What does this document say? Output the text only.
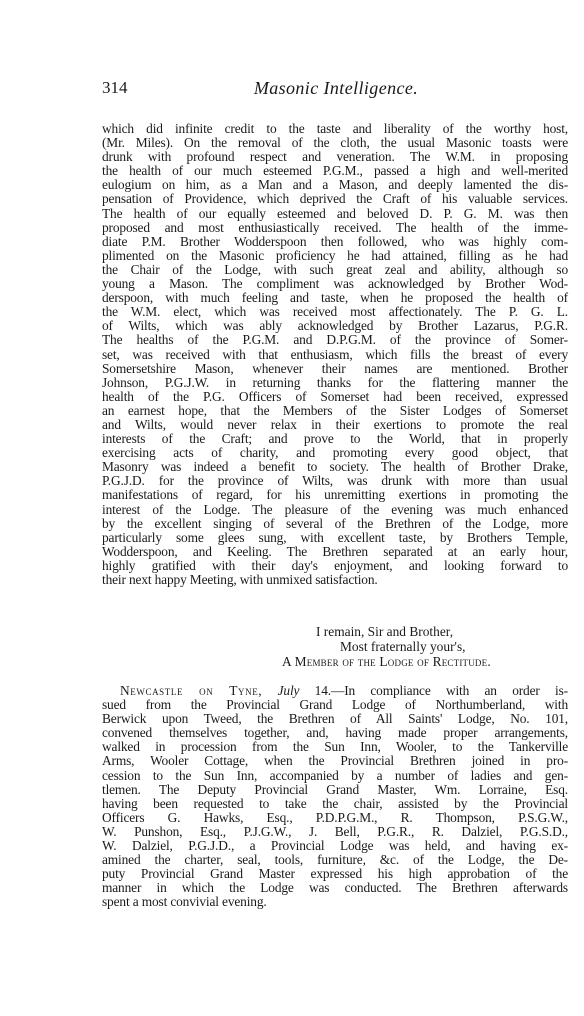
314	Masonic Intelligence.
which did infinite credit to the taste and liberality of the worthy host,
(Mr. Miles). On the removal of the cloth, the usual Masonic toasts were
drunk with profound respect and veneration. The W.M. in proposing
the health of our much esteemed P.G.M., passed a high and well-merited
eulogium on him, as a Man and a Mason, and deeply lamented the dis-
pensation of Providence, which deprived the Craft of his valuable services.
The health of our equally esteemed and beloved D. P. G. M. was then
proposed and most enthusiastically received. The health of the imme-
diate P.M. Brother Wodderspoon then followed, who was highly com-
plimented on the Masonic proficiency he had attained, filling as he had
the Chair of the Lodge, with such great zeal and ability, although so
young a Mason. The compliment was acknowledged by Brother Wod-
derspoon, with much feeling and taste, when he proposed the health of
the W.M. elect, which was received most affectionately. The P. G. L.
of Wilts, which was ably acknowledged by Brother Lazarus, P.G.R.
The healths of the P.G.M. and D.P.G.M. of the province of Somer-
set, was received with that enthusiasm, which fills the breast of every
Somersetshire Mason, whenever their names are mentioned. Brother
Johnson, P.G.J.W. in returning thanks for the flattering manner the
health of the P.G. Officers of Somerset had been received, expressed
an earnest hope, that the Members of the Sister Lodges of Somerset
and Wilts, would never relax in their exertions to promote the real
interests of the Craft; and prove to the World, that in properly
exercising acts of charity, and promoting every good object, that
Masonry was indeed a benefit to society. The health of Brother Drake,
P.G.J.D. for the province of Wilts, was drunk with more than usual
manifestations of regard, for his unremitting exertions in promoting the
interest of the Lodge. The pleasure of the evening was much enhanced
by the excellent singing of several of the Brethren of the Lodge, more
particularly some glees sung, with excellent taste, by Brothers Temple,
Wodderspoon, and Keeling. The Brethren separated at an early hour,
highly gratified with their day's enjoyment, and looking forward to
their next happy Meeting, with unmixed satisfaction.
I remain, Sir and Brother,
Most fraternally your's,
A Member of the Lodge of Rectitude.
Newcastle on Tyne, July 14.—In compliance with an order is-
sued from the Provincial Grand Lodge of Northumberland, with
Berwick upon Tweed, the Brethren of All Saints' Lodge, No. 101,
convened themselves together, and, having made proper arrangements,
walked in procession from the Sun Inn, Wooler, to the Tankerville
Arms, Wooler Cottage, when the Provincial Brethren joined in pro-
cession to the Sun Inn, accompanied by a number of ladies and gen-
tlemen. The Deputy Provincial Grand Master, Wm. Lorraine, Esq.
having been requested to take the chair, assisted by the Provincial
Officers G. Hawks, Esq., P.D.P.G.M., R. Thompson, P.S.G.W.,
W. Punshon, Esq., P.J.G.W., J. Bell, P.G.R., R. Dalziel, P.G.S.D.,
W. Dalziel, P.G.J.D., a Provincial Lodge was held, and having ex-
amined the charter, seal, tools, furniture, &c. of the Lodge, the De-
puty Provincial Grand Master expressed his high approbation of the
manner in which the Lodge was conducted. The Brethren afterwards
spent a most convivial evening.
